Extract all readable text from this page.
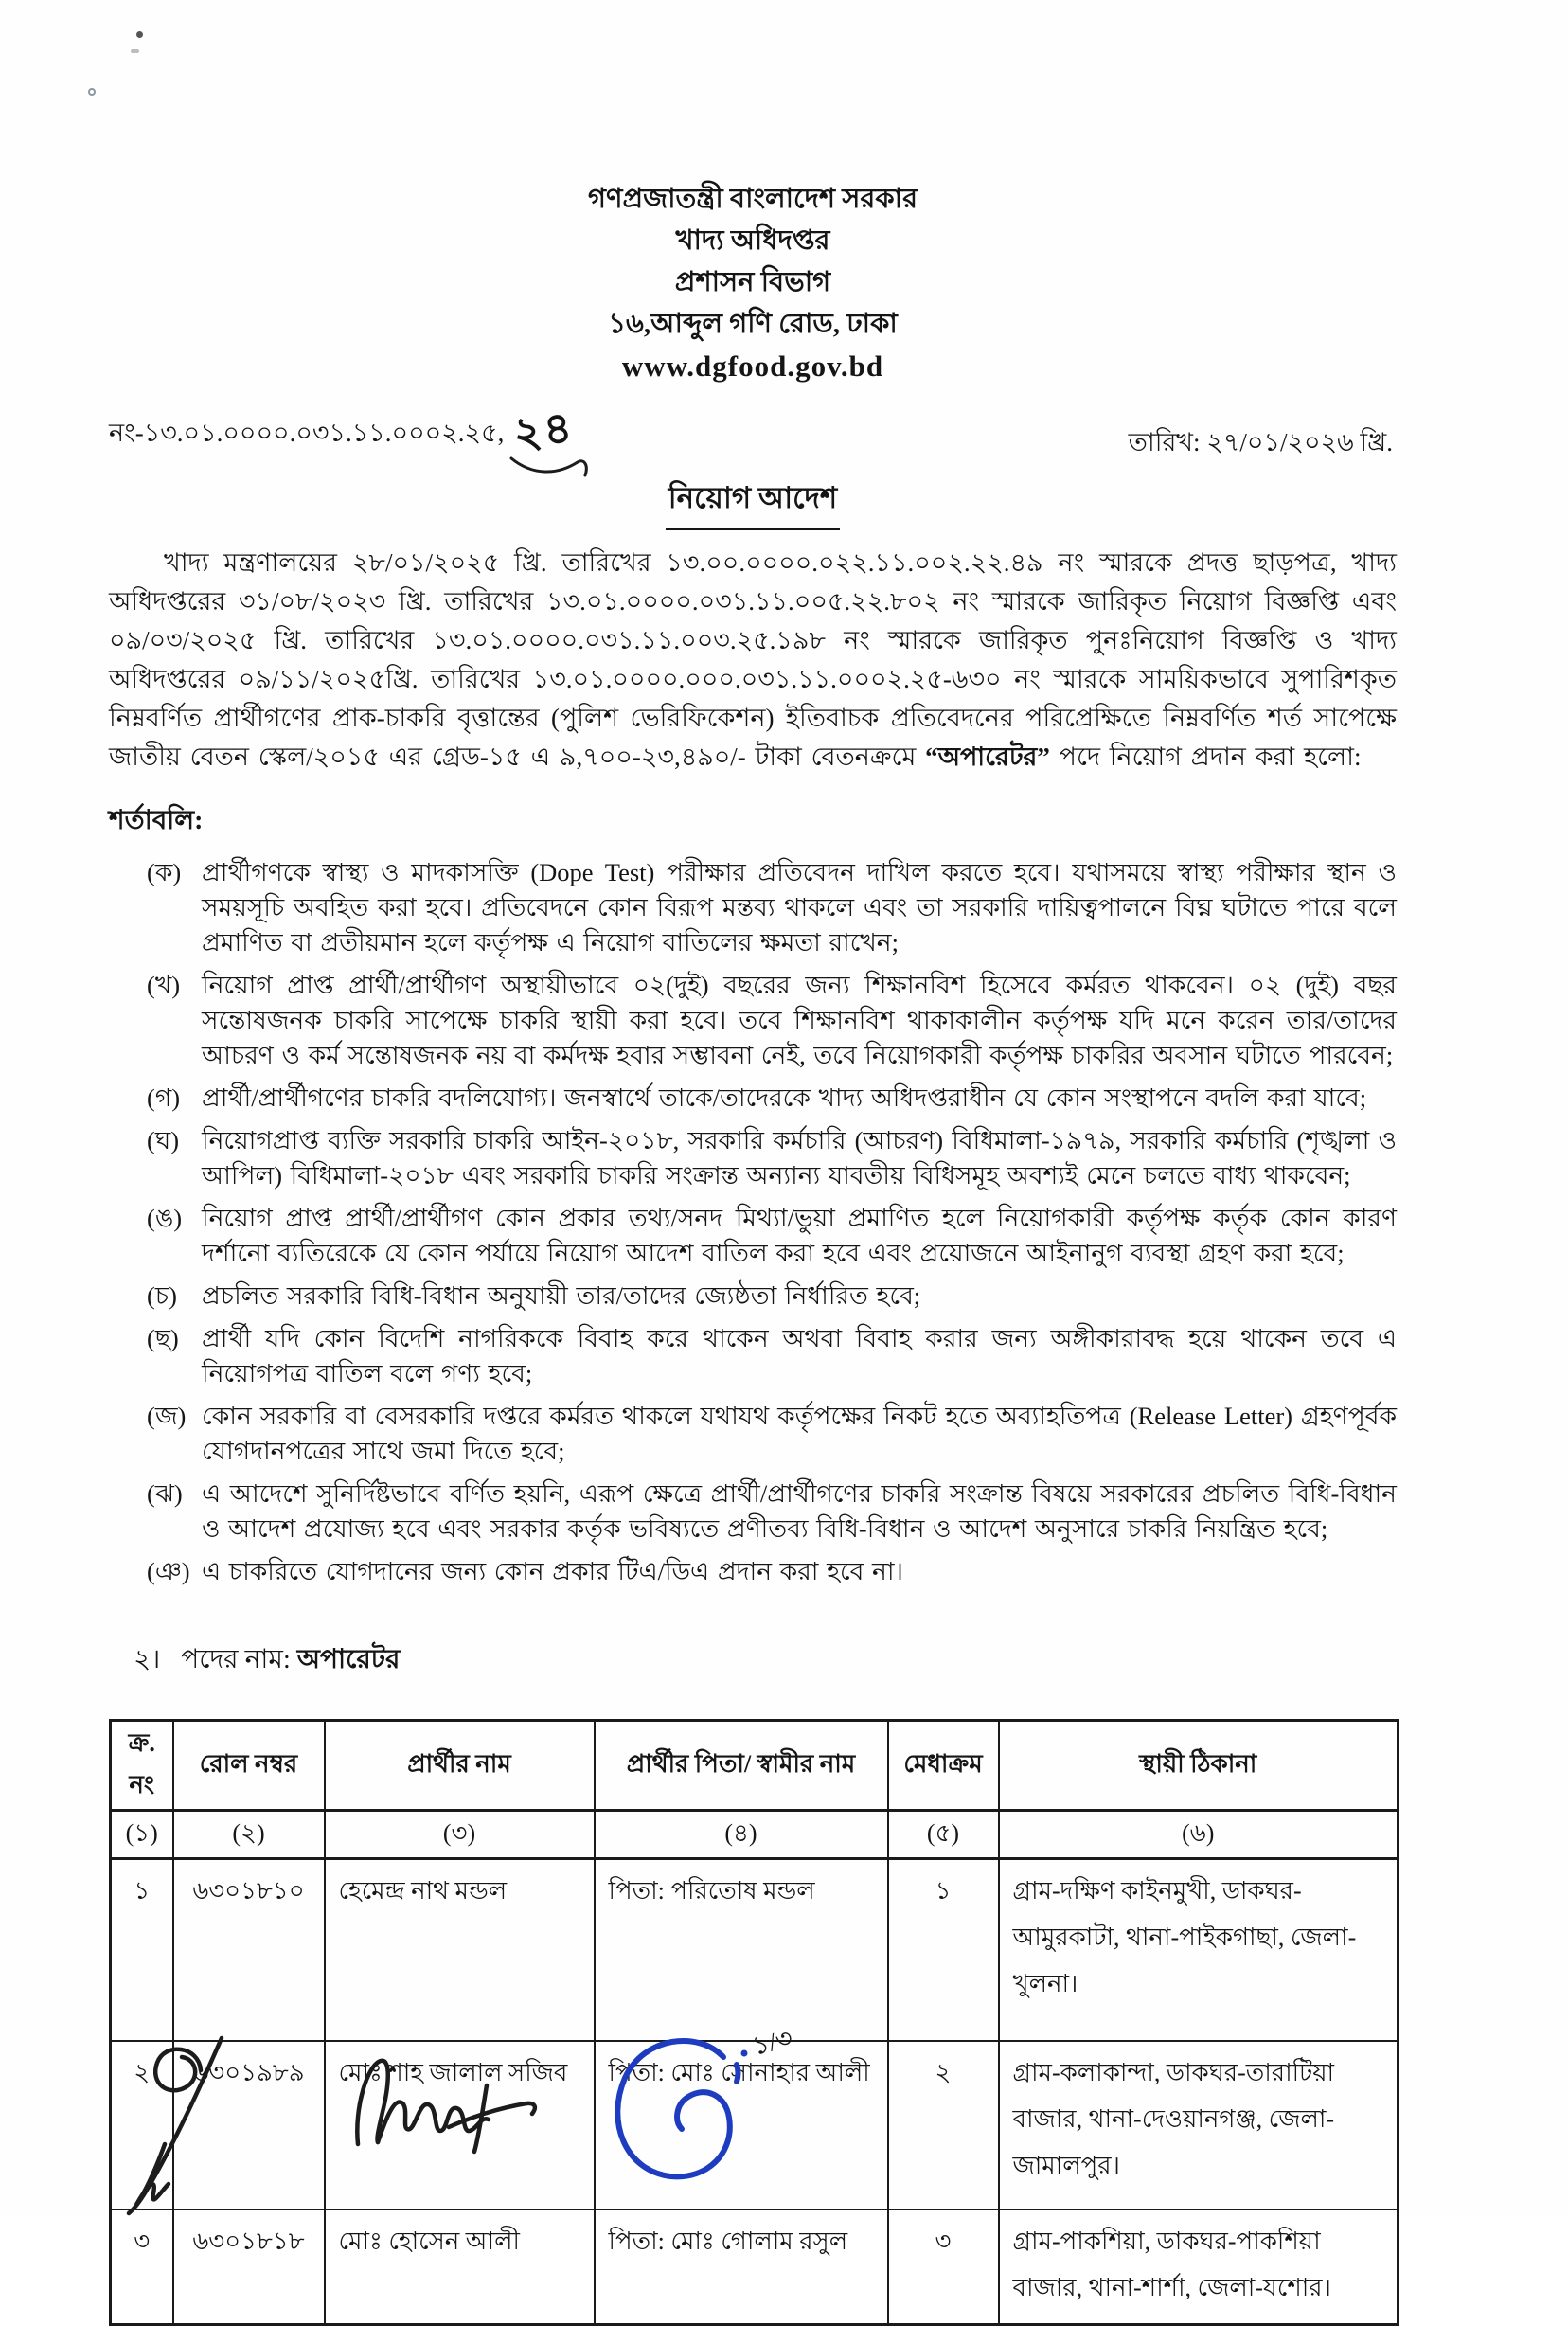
গণপ্রজাতন্ত্রী বাংলাদেশ সরকার
খাদ্য অধিদপ্তর
প্রশাসন বিভাগ
১৬,আব্দুল গণি রোড, ঢাকা
www.dgfood.gov.bd
নং-১৩.০১.০০০০.০৩১.১১.০০০২.২৫, ২৪	তারিখ: ২৭/০১/২০২৬ খ্রি.
নিয়োগ আদেশ

খাদ্য মন্ত্রণালয়ের ২৮/০১/২০২৫ খ্রি. তারিখের ১৩.০০.০০০০.০২২.১১.০০২.২২.৪৯ নং স্মারকে প্রদত্ত ছাড়পত্র, খাদ্য অধিদপ্তরের ৩১/০৮/২০২৩ খ্রি. তারিখের ১৩.০১.০০০০.০৩১.১১.০০৫.২২.৮০২ নং স্মারকে জারিকৃত নিয়োগ বিজ্ঞপ্তি এবং ০৯/০৩/২০২৫ খ্রি. তারিখের ১৩.০১.০০০০.০৩১.১১.০০৩.২৫.১৯৮ নং স্মারকে জারিকৃত পুনঃনিয়োগ বিজ্ঞপ্তি ও খাদ্য অধিদপ্তরের ০৯/১১/২০২৫খ্রি. তারিখের ১৩.০১.০০০০.০০০.০৩১.১১.০০০২.২৫-৬৩০ নং স্মারকে সাময়িকভাবে সুপারিশকৃত নিম্নবর্ণিত প্রার্থীগণের প্রাক-চাকরি বৃত্তান্তের (পুলিশ ভেরিফিকেশন) ইতিবাচক প্রতিবেদনের পরিপ্রেক্ষিতে নিম্নবর্ণিত শর্ত সাপেক্ষে জাতীয় বেতন স্কেল/২০১৫ এর গ্রেড-১৫ এ ৯,৭০০-২৩,৪৯০/- টাকা বেতনক্রমে “অপারেটর” পদে নিয়োগ প্রদান করা হলো:

শর্তাবলি:
(ক) প্রার্থীগণকে স্বাস্থ্য ও মাদকাসক্তি (Dope Test) পরীক্ষার প্রতিবেদন দাখিল করতে হবে। যথাসময়ে স্বাস্থ্য পরীক্ষার স্থান ও সময়সূচি অবহিত করা হবে। প্রতিবেদনে কোন বিরূপ মন্তব্য থাকলে এবং তা সরকারি দায়িত্বপালনে বিঘ্ন ঘটাতে পারে বলে প্রমাণিত বা প্রতীয়মান হলে কর্তৃপক্ষ এ নিয়োগ বাতিলের ক্ষমতা রাখেন;
(খ) নিয়োগ প্রাপ্ত প্রার্থী/প্রার্থীগণ অস্থায়ীভাবে ০২(দুই) বছরের জন্য শিক্ষানবিশ হিসেবে কর্মরত থাকবেন। ০২ (দুই) বছর সন্তোষজনক চাকরি সাপেক্ষে চাকরি স্থায়ী করা হবে। তবে শিক্ষানবিশ থাকাকালীন কর্তৃপক্ষ যদি মনে করেন তার/তাদের আচরণ ও কর্ম সন্তোষজনক নয় বা কর্মদক্ষ হবার সম্ভাবনা নেই, তবে নিয়োগকারী কর্তৃপক্ষ চাকরির অবসান ঘটাতে পারবেন;
(গ) প্রার্থী/প্রার্থীগণের চাকরি বদলিযোগ্য। জনস্বার্থে তাকে/তাদেরকে খাদ্য অধিদপ্তরাধীন যে কোন সংস্থাপনে বদলি করা যাবে;
(ঘ) নিয়োগপ্রাপ্ত ব্যক্তি সরকারি চাকরি আইন-২০১৮, সরকারি কর্মচারি (আচরণ) বিধিমালা-১৯৭৯, সরকারি কর্মচারি (শৃঙ্খলা ও আপিল) বিধিমালা-২০১৮ এবং সরকারি চাকরি সংক্রান্ত অন্যান্য যাবতীয় বিধিসমূহ অবশ্যই মেনে চলতে বাধ্য থাকবেন;
(ঙ) নিয়োগ প্রাপ্ত প্রার্থী/প্রার্থীগণ কোন প্রকার তথ্য/সনদ মিথ্যা/ভুয়া প্রমাণিত হলে নিয়োগকারী কর্তৃপক্ষ কর্তৃক কোন কারণ দর্শানো ব্যতিরেকে যে কোন পর্যায়ে নিয়োগ আদেশ বাতিল করা হবে এবং প্রয়োজনে আইনানুগ ব্যবস্থা গ্রহণ করা হবে;
(চ) প্রচলিত সরকারি বিধি-বিধান অনুযায়ী তার/তাদের জ্যেষ্ঠতা নির্ধারিত হবে;
(ছ) প্রার্থী যদি কোন বিদেশি নাগরিককে বিবাহ করে থাকেন অথবা বিবাহ করার জন্য অঙ্গীকারাবদ্ধ হয়ে থাকেন তবে এ নিয়োগপত্র বাতিল বলে গণ্য হবে;
(জ) কোন সরকারি বা বেসরকারি দপ্তরে কর্মরত থাকলে যথাযথ কর্তৃপক্ষের নিকট হতে অব্যাহতিপত্র (Release Letter) গ্রহণপূর্বক যোগদানপত্রের সাথে জমা দিতে হবে;
(ঝ) এ আদেশে সুনির্দিষ্টভাবে বর্ণিত হয়নি, এরূপ ক্ষেত্রে প্রার্থী/প্রার্থীগণের চাকরি সংক্রান্ত বিষয়ে সরকারের প্রচলিত বিধি-বিধান ও আদেশ প্রযোজ্য হবে এবং সরকার কর্তৃক ভবিষ্যতে প্রণীতব্য বিধি-বিধান ও আদেশ অনুসারে চাকরি নিয়ন্ত্রিত হবে;
(ঞ) এ চাকরিতে যোগদানের জন্য কোন প্রকার টিএ/ডিএ প্রদান করা হবে না।
২। পদের নাম: অপারেটর
ক্র. নং	রোল নম্বর	প্রার্থীর নাম	প্রার্থীর পিতা/ স্বামীর নাম	মেধাক্রম	স্থায়ী ঠিকানা
(১)	(২)	(৩)	(৪)	(৫)	(৬)
১	৬৩০১৮১০	হেমেন্দ্র নাথ মন্ডল	পিতা: পরিতোষ মন্ডল	১	গ্রাম-দক্ষিণ কাইনমুখী, ডাকঘর-আমুরকাটা, থানা-পাইকগাছা, জেলা-খুলনা।
২	৬৩০১৯৮৯	মোঃ শাহ জালাল সজিব	পিতা: মোঃ সোনাহার আলী	২	গ্রাম-কলাকান্দা, ডাকঘর-তারাটিয়া বাজার, থানা-দেওয়ানগঞ্জ, জেলা-জামালপুর।
৩	৬৩০১৮১৮	মোঃ হোসেন আলী	পিতা: মোঃ গোলাম রসুল	৩	গ্রাম-পাকশিয়া, ডাকঘর-পাকশিয়া বাজার, থানা-শার্শা, জেলা-যশোর।
১/৩
